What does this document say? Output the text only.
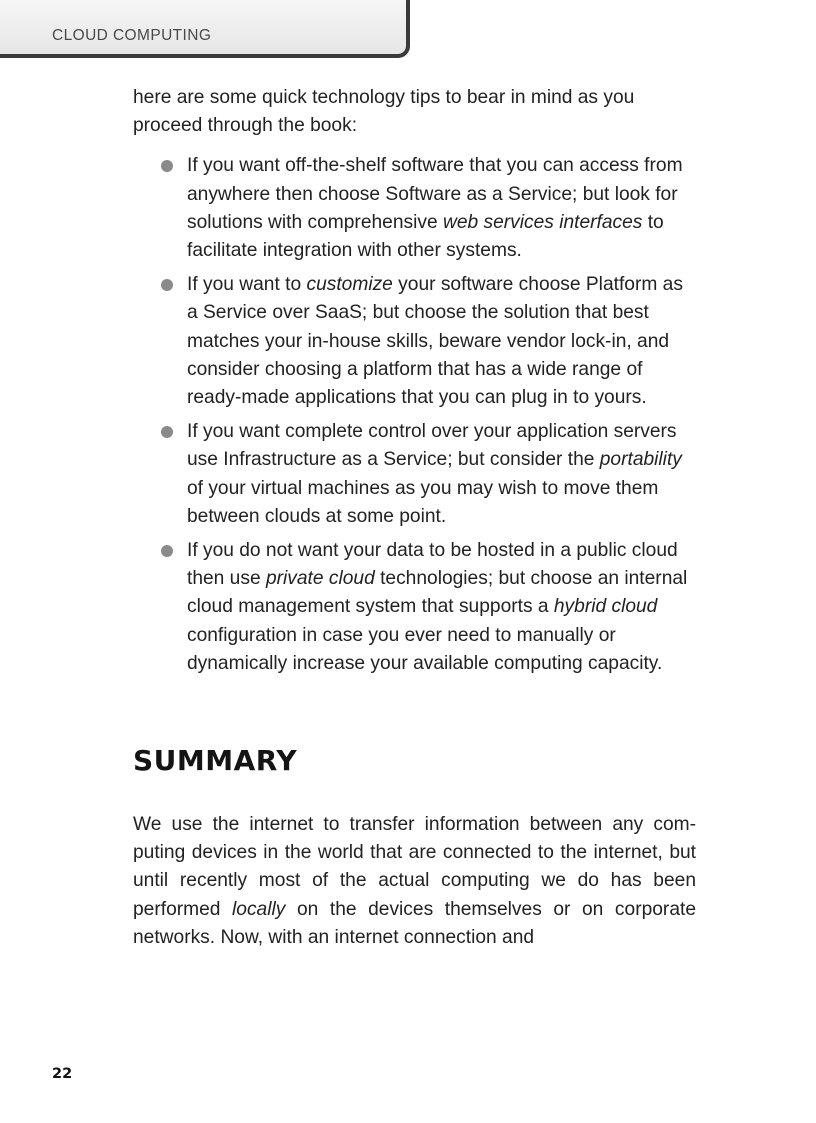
CLOUD COMPUTING

here are some quick technology tips to bear in mind as you proceed through the book:

If you want off-the-shelf software that you can access from anywhere then choose Software as a Service; but look for solutions with comprehensive web services interfaces to facilitate integration with other systems.
If you want to customize your software choose Platform as a Service over SaaS; but choose the solution that best matches your in-house skills, beware vendor lock-in, and consider choosing a platform that has a wide range of ready-made applications that you can plug in to yours.
If you want complete control over your application servers use Infrastructure as a Service; but consider the portability of your virtual machines as you may wish to move them between clouds at some point.
If you do not want your data to be hosted in a public cloud then use private cloud technologies; but choose an internal cloud management system that supports a hybrid cloud configuration in case you ever need to manually or dynamically increase your available computing capacity.
SUMMARY

We use the internet to transfer information between any com-puting devices in the world that are connected to the internet, but until recently most of the actual computing we do has been performed locally on the devices themselves or on corporate networks. Now, with an internet connection and

22
